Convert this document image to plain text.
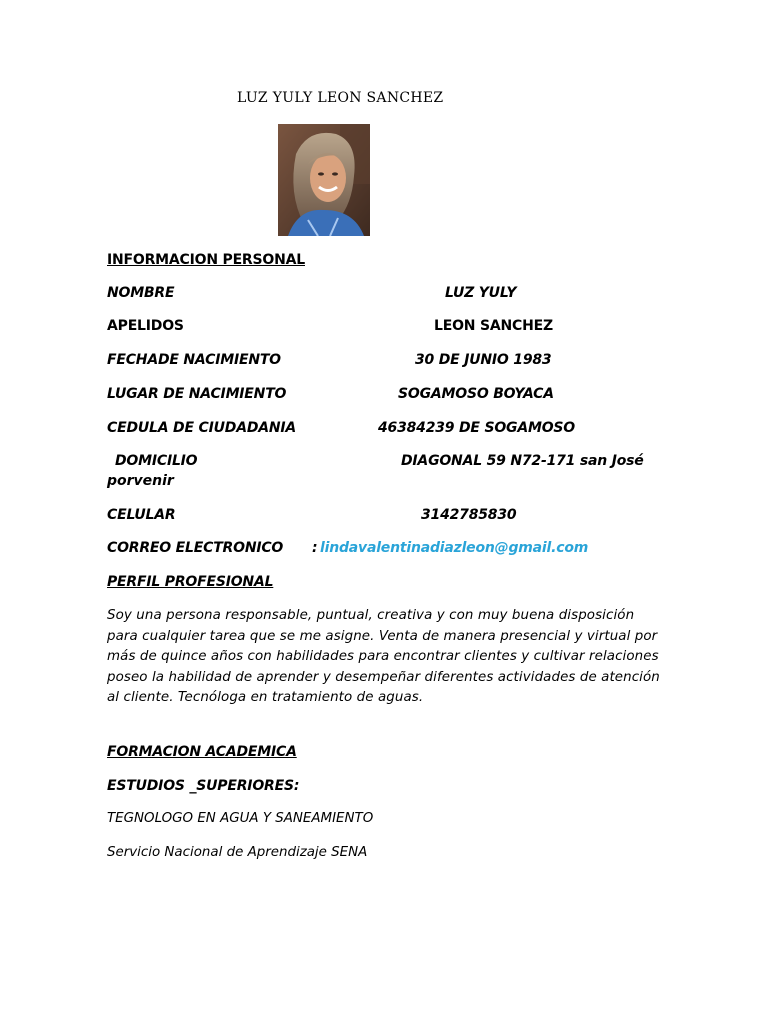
LUZ YULY LEON SANCHEZ
INFORMACION PERSONAL
NOMBRE	LUZ YULY
APELIDOS	LEON SANCHEZ
FECHADE NACIMIENTO	30 DE JUNIO 1983
LUGAR DE NACIMIENTO	SOGAMOSO BOYACA
CEDULA DE CIUDADANIA	46384239 DE SOGAMOSO
DOMICILIO	DIAGONAL 59 N72-171 san José
porvenir
CELULAR	3142785830
CORREO ELECTRONICO : lindavalentinadiazleon@gmail.com
PERFIL PROFESIONAL
Soy una persona responsable, puntual, creativa y con muy buena disposición para cualquier tarea que se me asigne. Venta de manera presencial y virtual por más de quince años con habilidades para encontrar clientes y cultivar relaciones poseo la habilidad de aprender y desempeñar diferentes actividades de atención al cliente. Tecnóloga en tratamiento de aguas.
FORMACION ACADEMICA
ESTUDIOS _SUPERIORES:
TEGNOLOGO EN AGUA Y SANEAMIENTO
Servicio Nacional de Aprendizaje SENA
